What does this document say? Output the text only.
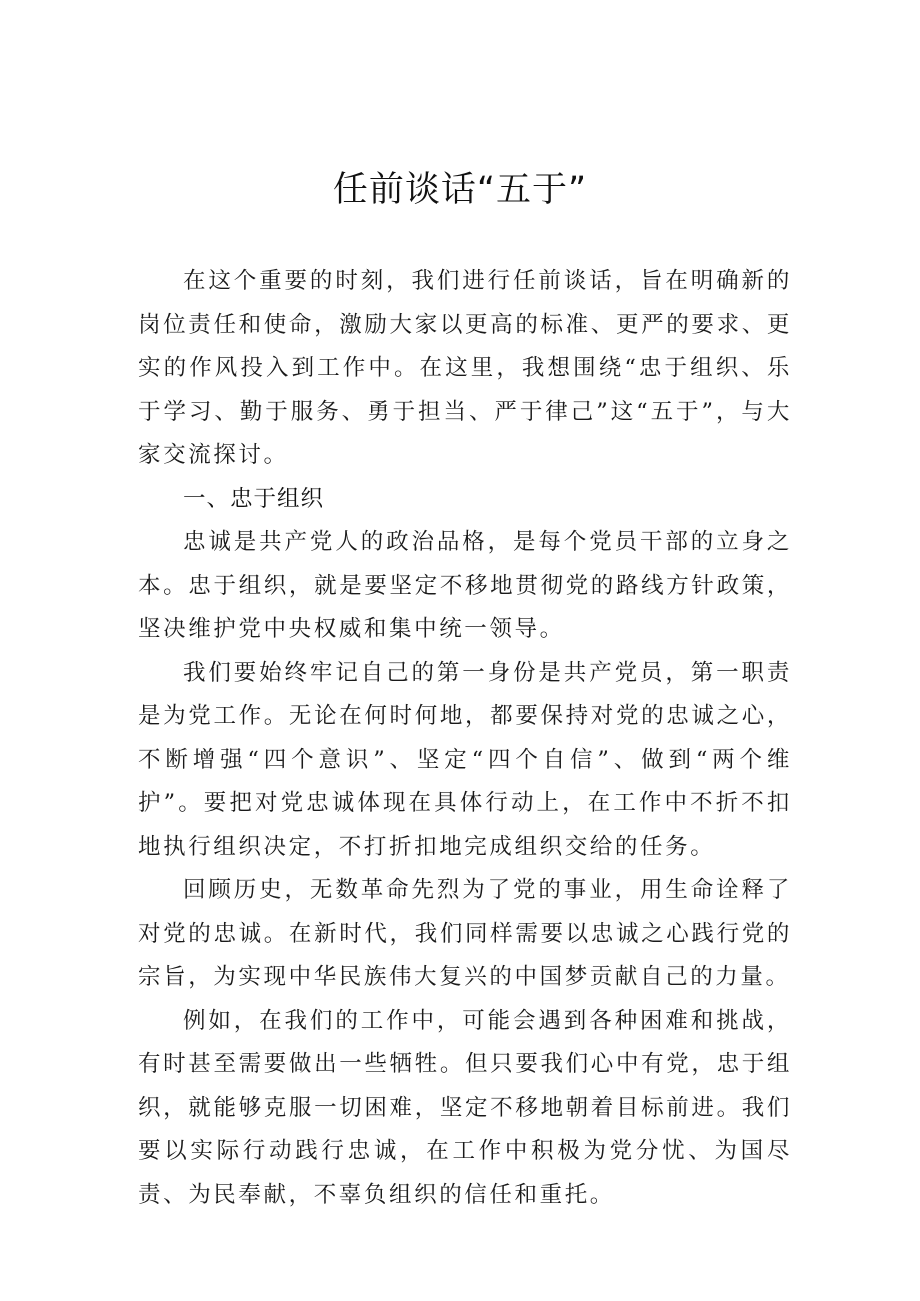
任前谈话“五于”

在这个重要的时刻，我们进行任前谈话，旨在明确新的岗位责任和使命，激励大家以更高的标准、更严的要求、更实的作风投入到工作中。在这里，我想围绕“忠于组织、乐于学习、勤于服务、勇于担当、严于律己”这“五于”，与大家交流探讨。

一、忠于组织

忠诚是共产党人的政治品格，是每个党员干部的立身之本。忠于组织，就是要坚定不移地贯彻党的路线方针政策，坚决维护党中央权威和集中统一领导。

我们要始终牢记自己的第一身份是共产党员，第一职责是为党工作。无论在何时何地，都要保持对党的忠诚之心，不断增强“四个意识”、坚定“四个自信”、做到“两个维护”。要把对党忠诚体现在具体行动上，在工作中不折不扣地执行组织决定，不打折扣地完成组织交给的任务。

回顾历史，无数革命先烈为了党的事业，用生命诠释了对党的忠诚。在新时代，我们同样需要以忠诚之心践行党的宗旨，为实现中华民族伟大复兴的中国梦贡献自己的力量。

例如，在我们的工作中，可能会遇到各种困难和挑战，有时甚至需要做出一些牺牲。但只要我们心中有党，忠于组织，就能够克服一切困难，坚定不移地朝着目标前进。我们要以实际行动践行忠诚，在工作中积极为党分忧、为国尽责、为民奉献，不辜负组织的信任和重托。
